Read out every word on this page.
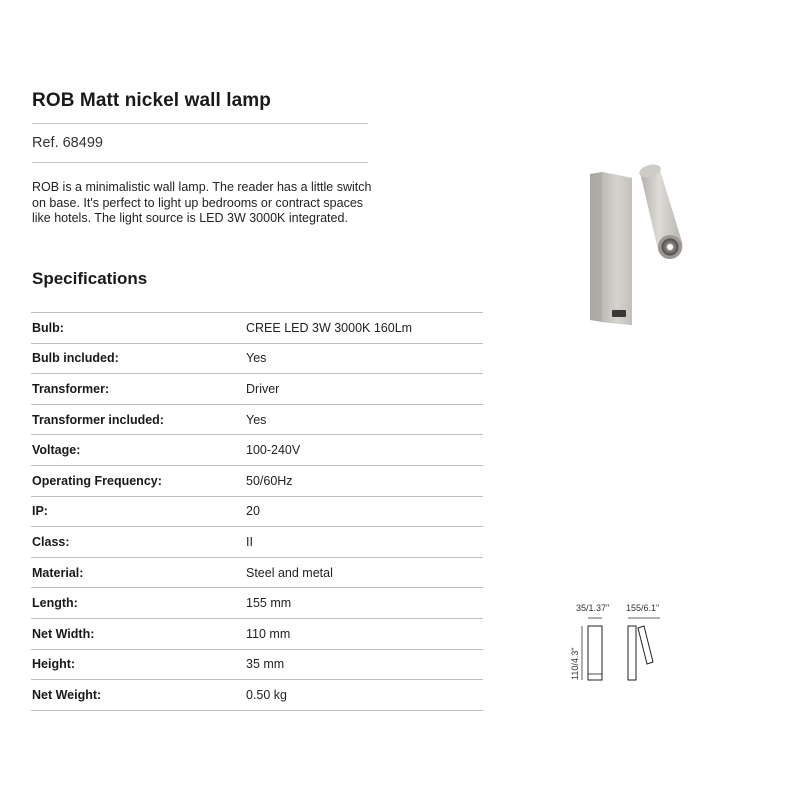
ROB Matt nickel wall lamp
Ref. 68499
ROB is a minimalistic wall lamp. The reader has a little switch on base. It's perfect to light up bedrooms or contract spaces like hotels. The light source is LED 3W 3000K integrated.
Specifications
Bulb:	CREE LED 3W 3000K 160Lm
Bulb included:	Yes
Transformer:	Driver
Transformer included:	Yes
Voltage:	100-240V
Operating Frequency:	50/60Hz
IP:	20
Class:	II
Material:	Steel and metal
Length:	155 mm
Net Width:	110 mm
Height:	35 mm
Net Weight:	0.50 kg
35/1.37" 155/6.1"
110/4.3"
